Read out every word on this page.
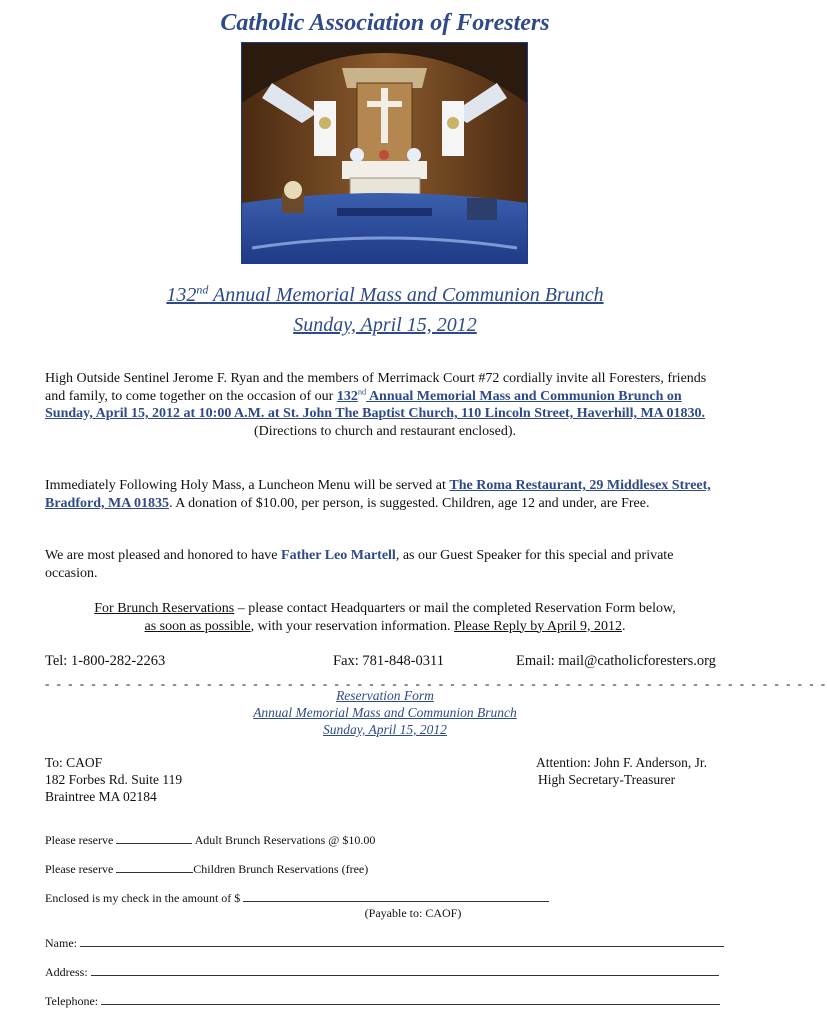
Catholic Association of Foresters
132nd Annual Memorial Mass and Communion Brunch
Sunday, April 15, 2012
High Outside Sentinel Jerome F. Ryan and the members of Merrimack Court #72 cordially invite all Foresters, friends and family, to come together on the occasion of our 132nd Annual Memorial Mass and Communion Brunch on Sunday, April 15, 2012 at 10:00 A.M. at St. John The Baptist Church, 110 Lincoln Street, Haverhill, MA 01830.
(Directions to church and restaurant enclosed).
Immediately Following Holy Mass, a Luncheon Menu will be served at The Roma Restaurant, 29 Middlesex Street, Bradford, MA 01835. A donation of $10.00, per person, is suggested. Children, age 12 and under, are Free.
We are most pleased and honored to have Father Leo Martell, as our Guest Speaker for this special and private occasion.
For Brunch Reservations – please contact Headquarters or mail the completed Reservation Form below,
as soon as possible, with your reservation information. Please Reply by April 9, 2012.
Tel: 1-800-282-2263	Fax: 781-848-0311	Email: mail@catholicforesters.org
- - - - - - - - - - - - - - - - - - - - - - - - - - - - - - - - - - - - - - - - - - - - - - - - - - - - - - - - - - - - - - - - - - - -
Reservation Form
Annual Memorial Mass and Communion Brunch
Sunday, April 15, 2012
To: CAOF
182 Forbes Rd. Suite 119
Braintree MA 02184
Attention: John F. Anderson, Jr.
High Secretary-Treasurer
Please reserve	Adult Brunch Reservations @ $10.00
Please reserve	Children Brunch Reservations (free)
Enclosed is my check in the amount of $
(Payable to: CAOF)
Name:
Address:
Telephone:
